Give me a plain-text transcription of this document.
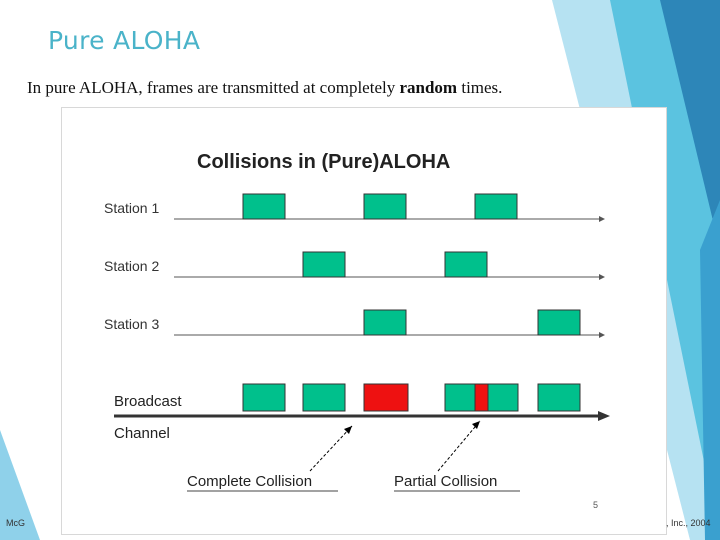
Pure ALOHA
In pure ALOHA, frames are transmitted at completely random times.
Collisions in (Pure)ALOHA
Station 1
Station 2
Station 3
Broadcast
Channel
Complete Collision	Partial Collision
5
McG	, Inc., 2004
